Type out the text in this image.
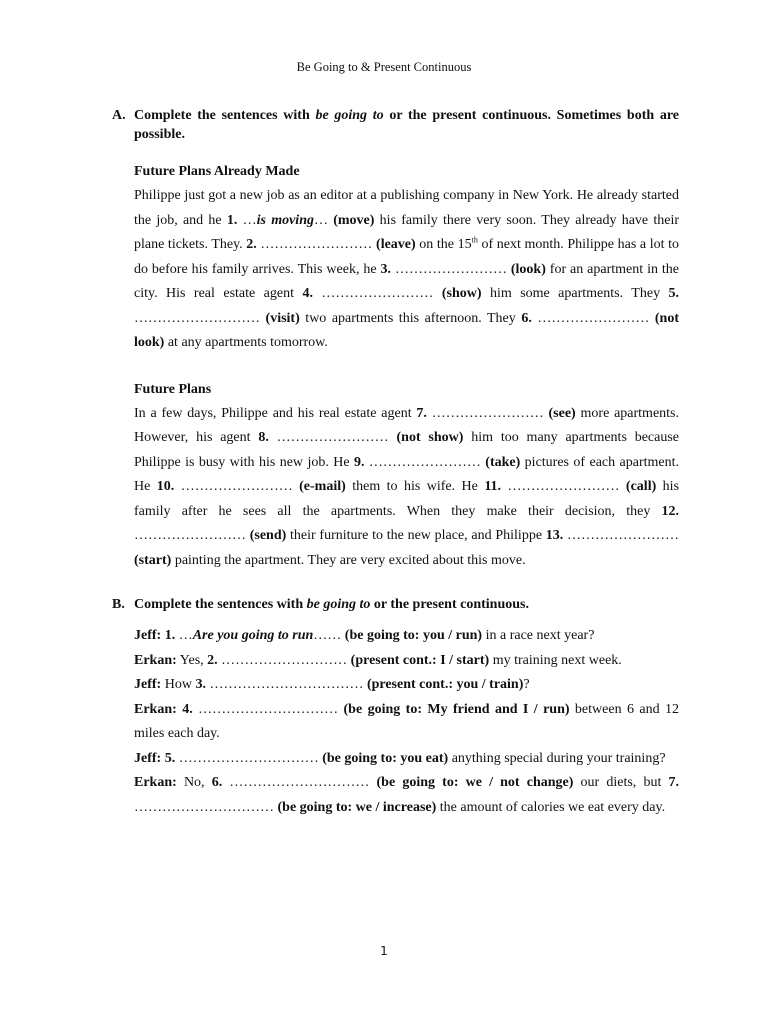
Be Going to & Present Continuous
A. Complete the sentences with be going to or the present continuous. Sometimes both are possible.
Future Plans Already Made
Philippe just got a new job as an editor at a publishing company in New York. He already started the job, and he 1. …is moving… (move) his family there very soon. They already have their plane tickets. They. 2. …………………… (leave) on the 15th of next month. Philippe has a lot to do before his family arrives. This week, he 3. …………………… (look) for an apartment in the city. His real estate agent 4. …………………… (show) him some apartments. They 5. ……………………… (visit) two apartments this afternoon. They 6. …………………… (not look) at any apartments tomorrow.
Future Plans
In a few days, Philippe and his real estate agent 7. …………………… (see) more apartments. However, his agent 8. …………………… (not show) him too many apartments because Philippe is busy with his new job. He 9. …………………… (take) pictures of each apartment. He 10. …………………… (e-mail) them to his wife. He 11. …………………… (call) his family after he sees all the apartments. When they make their decision, they 12. …………………… (send) their furniture to the new place, and Philippe 13. …………………… (start) painting the apartment. They are very excited about this move.
B. Complete the sentences with be going to or the present continuous.
Jeff: 1. …Are you going to run…… (be going to: you / run) in a race next year?
Erkan: Yes, 2. ……………………… (present cont.: I / start) my training next week.
Jeff: How 3. …………………………… (present cont.: you / train)?
Erkan: 4. ………………………… (be going to: My friend and I / run) between 6 and 12 miles each day.
Jeff: 5. ………………………… (be going to: you eat) anything special during your training?
Erkan: No, 6. ………………………… (be going to: we / not change) our diets, but 7. ………………………… (be going to: we / increase) the amount of calories we eat every day.
1
